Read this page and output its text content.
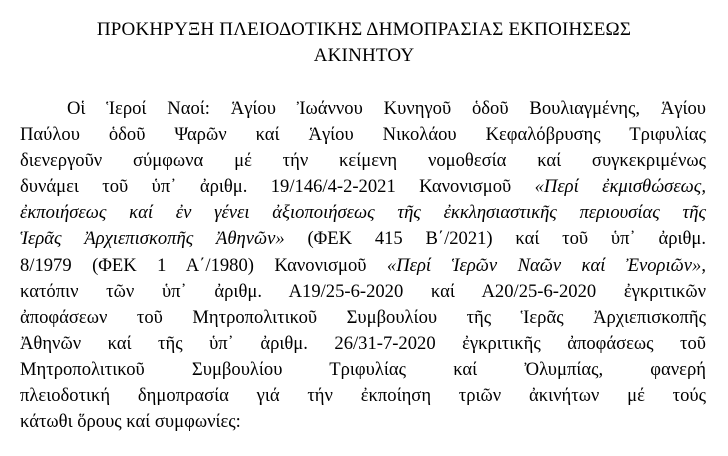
ΠΡΟΚΗΡΥΞΗ ΠΛΕΙΟΔΟΤΙΚΗΣ ΔΗΜΟΠΡΑΣΙΑΣ ΕΚΠΟΙΗΣΕΩΣ
ΑΚΙΝΗΤΟΥ
Οἱ Ἱεροί Ναοί: Ἁγίου Ἰωάννου Κυνηγοῦ ὁδοῦ Βουλιαγμένης, Ἁγίου
Παύλου ὁδοῦ Ψαρῶν καί Ἁγίου Νικολάου Κεφαλόβρυσης Τριφυλίας
διενεργοῦν σύμφωνα μέ τήν κείμενη νομοθεσία καί συγκεκριμένως
δυνάμει τοῦ ὑπ᾽ ἀριθμ. 19/146/4-2-2021 Κανονισμοῦ «Περί ἐκμισθώσεως,
ἐκποιήσεως καί ἐν γένει ἀξιοποιήσεως τῆς ἐκκλησιαστικῆς περιουσίας τῆς
Ἱερᾶς Ἀρχιεπισκοπῆς Ἀθηνῶν» (ΦΕΚ 415 Β΄/2021) καί τοῦ ὑπ᾽ ἀριθμ.
8/1979 (ΦΕΚ 1 Α΄/1980) Κανονισμοῦ «Περί Ἱερῶν Ναῶν καί Ἐνοριῶν»,
κατόπιν τῶν ὑπ᾽ ἀριθμ. Α19/25-6-2020 καί Α20/25-6-2020 ἐγκριτικῶν
ἀποφάσεων τοῦ Μητροπολιτικοῦ Συμβουλίου τῆς Ἱερᾶς Ἀρχιεπισκοπῆς
Ἀθηνῶν καί τῆς ὑπ᾽ ἀριθμ. 26/31-7-2020 ἐγκριτικῆς ἀποφάσεως τοῦ
Μητροπολιτικοῦ Συμβουλίου Τριφυλίας καί Ὀλυμπίας, φανερή
πλειοδοτική δημοπρασία γιά τήν ἐκποίηση τριῶν ἀκινήτων μέ τούς
κάτωθι ὅρους καί συμφωνίες:
